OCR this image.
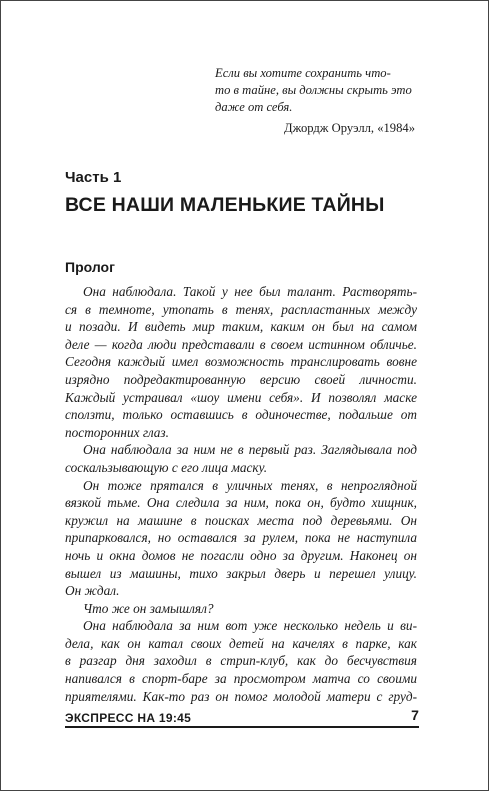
Если вы хотите сохранить что-
то в тайне, вы должны скрыть это
даже от себя.

Джордж Оруэлл, «1984»

Часть 1
ВСЕ НАШИ МАЛЕНЬКИЕ ТАЙНЫ
Пролог
Она наблюдала. Такой у нее был талант. Растворять-
ся в темноте, утопать в тенях, распластанных между
и позади. И видеть мир таким, каким он был на самом
деле — когда люди представали в своем истинном обличье.
Сегодня каждый имел возможность транслировать вовне
изрядно подредактированную версию своей личности.
Каждый устраивал «шоу имени себя». И позволял маске
сползти, только оставшись в одиночестве, подальше от
посторонних глаз.
Она наблюдала за ним не в первый раз. Заглядывала под
соскальзывающую с его лица маску.
Он тоже прятался в уличных тенях, в непроглядной
вязкой тьме. Она следила за ним, пока он, будто хищник,
кружил на машине в поисках места под деревьями. Он
припарковался, но оставался за рулем, пока не наступила
ночь и окна домов не погасли одно за другим. Наконец он
вышел из машины, тихо закрыл дверь и перешел улицу.
Он ждал.
Что же он замышлял?
Она наблюдала за ним вот уже несколько недель и ви-
дела, как он катал своих детей на качелях в парке, как
в разгар дня заходил в стрип-клуб, как до бесчувствия
напивался в спорт-баре за просмотром матча со своими
приятелями. Как-то раз он помог молодой матери с груд-
ЭКСПРЕСС НА 19:45	7
